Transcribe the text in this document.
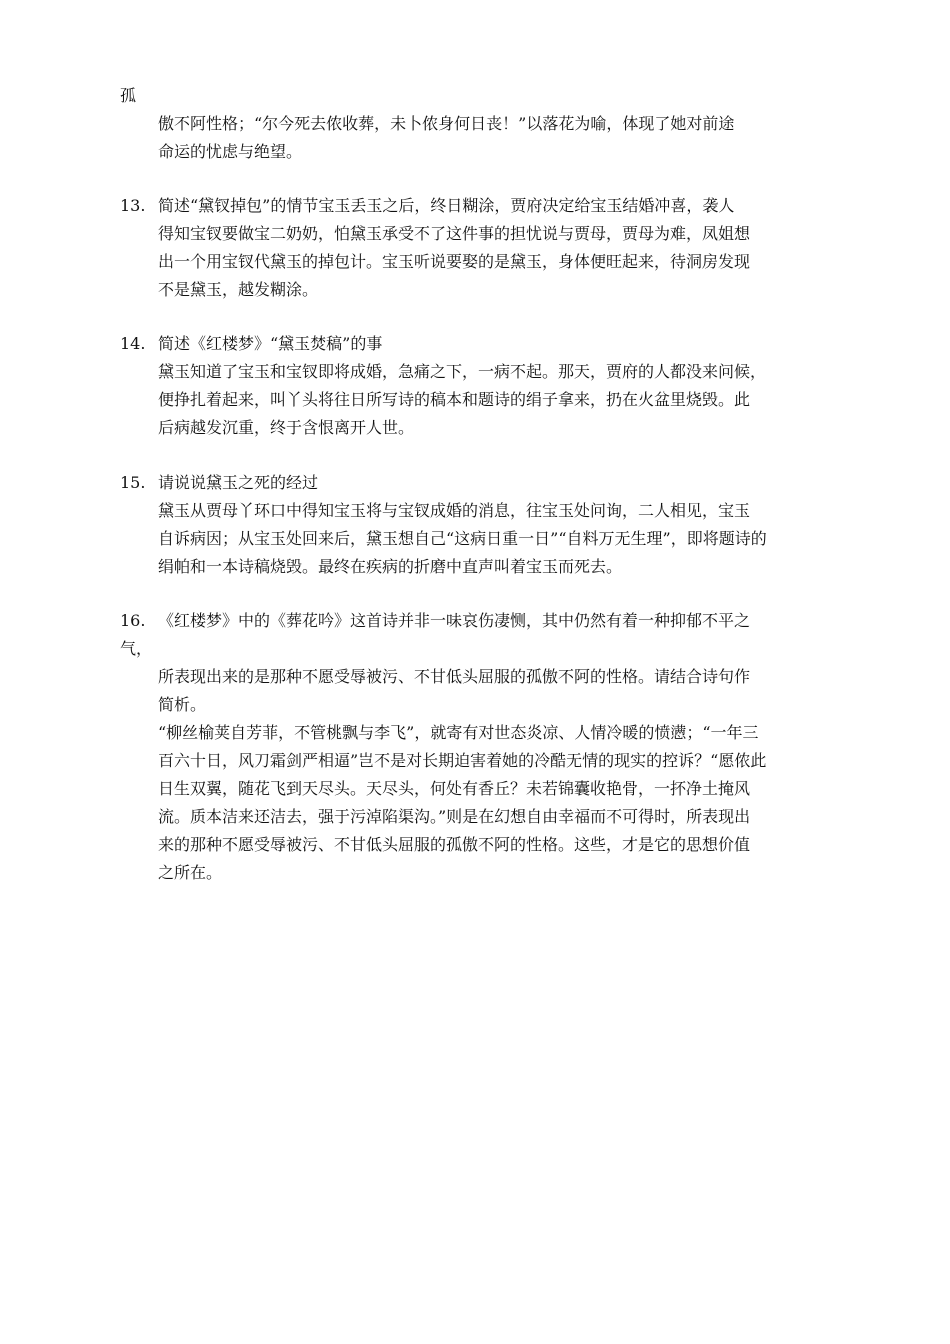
孤
傲不阿性格；“尔今死去侬收葬，未卜侬身何日丧！”以落花为喻，体现了她对前途
命运的忧虑与绝望。
13. 简述“黛钗掉包”的情节宝玉丢玉之后，终日糊涂，贾府决定给宝玉结婚冲喜，袭人
得知宝钗要做宝二奶奶，怕黛玉承受不了这件事的担忧说与贾母，贾母为难，凤姐想
出一个用宝钗代黛玉的掉包计。宝玉听说要娶的是黛玉，身体便旺起来，待洞房发现
不是黛玉，越发糊涂。
14. 简述《红楼梦》“黛玉焚稿”的事
黛玉知道了宝玉和宝钗即将成婚，急痛之下，一病不起。那天，贾府的人都没来问候，
便挣扎着起来，叫丫头将往日所写诗的稿本和题诗的绢子拿来，扔在火盆里烧毁。此
后病越发沉重，终于含恨离开人世。
15. 请说说黛玉之死的经过
黛玉从贾母丫环口中得知宝玉将与宝钗成婚的消息，往宝玉处问询，二人相见，宝玉
自诉病因；从宝玉处回来后，黛玉想自己“这病日重一日”“自料万无生理”，即将题诗的
绢帕和一本诗稿烧毁。最终在疾病的折磨中直声叫着宝玉而死去。
16. 《红楼梦》中的《葬花吟》这首诗并非一味哀伤凄恻，其中仍然有着一种抑郁不平之
气，
所表现出来的是那种不愿受辱被污、不甘低头屈服的孤傲不阿的性格。请结合诗句作
简析。
“柳丝榆荚自芳菲，不管桃飘与李飞”，就寄有对世态炎凉、人情冷暖的愤懑；“一年三
百六十日，风刀霜剑严相逼”岂不是对长期迫害着她的冷酷无情的现实的控诉？“愿侬此
日生双翼，随花飞到天尽头。天尽头，何处有香丘？未若锦囊收艳骨，一抔净土掩风
流。质本洁来还洁去，强于污淖陷渠沟。”则是在幻想自由幸福而不可得时，所表现出
来的那种不愿受辱被污、不甘低头屈服的孤傲不阿的性格。这些，才是它的思想价值
之所在。
